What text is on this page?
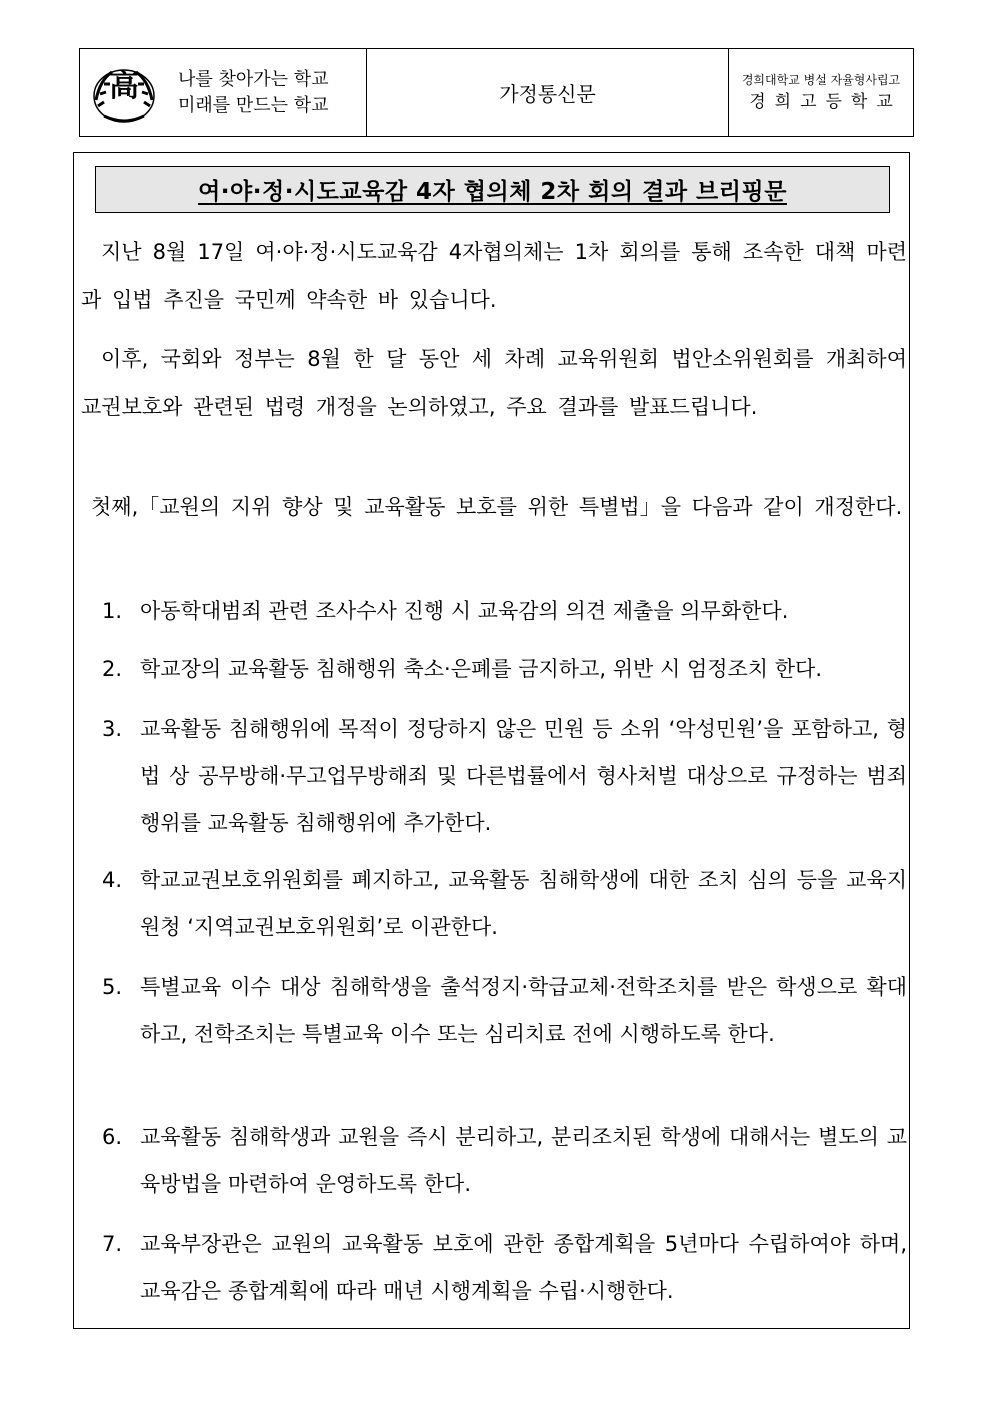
高 나를 찾아가는 학교
미래를 만드는 학교	가정통신문
경희대학교 병설 자율형사립고
경희고등학교
여·야·정·시도교육감 4자 협의체 2차 회의 결과 브리핑문
지난 8월 17일 여·야·정·시도교육감 4자협의체는 1차 회의를 통해 조속한 대책 마련과 입법 추진을 국민께 약속한 바 있습니다.
이후, 국회와 정부는 8월 한 달 동안 세 차례 교육위원회 법안소위원회를 개최하여 교권보호와 관련된 법령 개정을 논의하였고, 주요 결과를 발표드립니다.
첫째,「교원의 지위 향상 및 교육활동 보호를 위한 특별법」을 다음과 같이 개정한다.
1. 아동학대범죄 관련 조사수사 진행 시 교육감의 의견 제출을 의무화한다.
2. 학교장의 교육활동 침해행위 축소·은폐를 금지하고, 위반 시 엄정조치 한다.
3. 교육활동 침해행위에 목적이 정당하지 않은 민원 등 소위 ‘악성민원’을 포함하고, 형법 상 공무방해·무고업무방해죄 및 다른법률에서 형사처벌 대상으로 규정하는 범죄행위를 교육활동 침해행위에 추가한다.
4. 학교교권보호위원회를 폐지하고, 교육활동 침해학생에 대한 조치 심의 등을 교육지원청 ‘지역교권보호위원회’로 이관한다.
5. 특별교육 이수 대상 침해학생을 출석정지·학급교체·전학조치를 받은 학생으로 확대하고, 전학조치는 특별교육 이수 또는 심리치료 전에 시행하도록 한다.
6. 교육활동 침해학생과 교원을 즉시 분리하고, 분리조치된 학생에 대해서는 별도의 교육방법을 마련하여 운영하도록 한다.
7. 교육부장관은 교원의 교육활동 보호에 관한 종합계획을 5년마다 수립하여야 하며, 교육감은 종합계획에 따라 매년 시행계획을 수립·시행한다.
